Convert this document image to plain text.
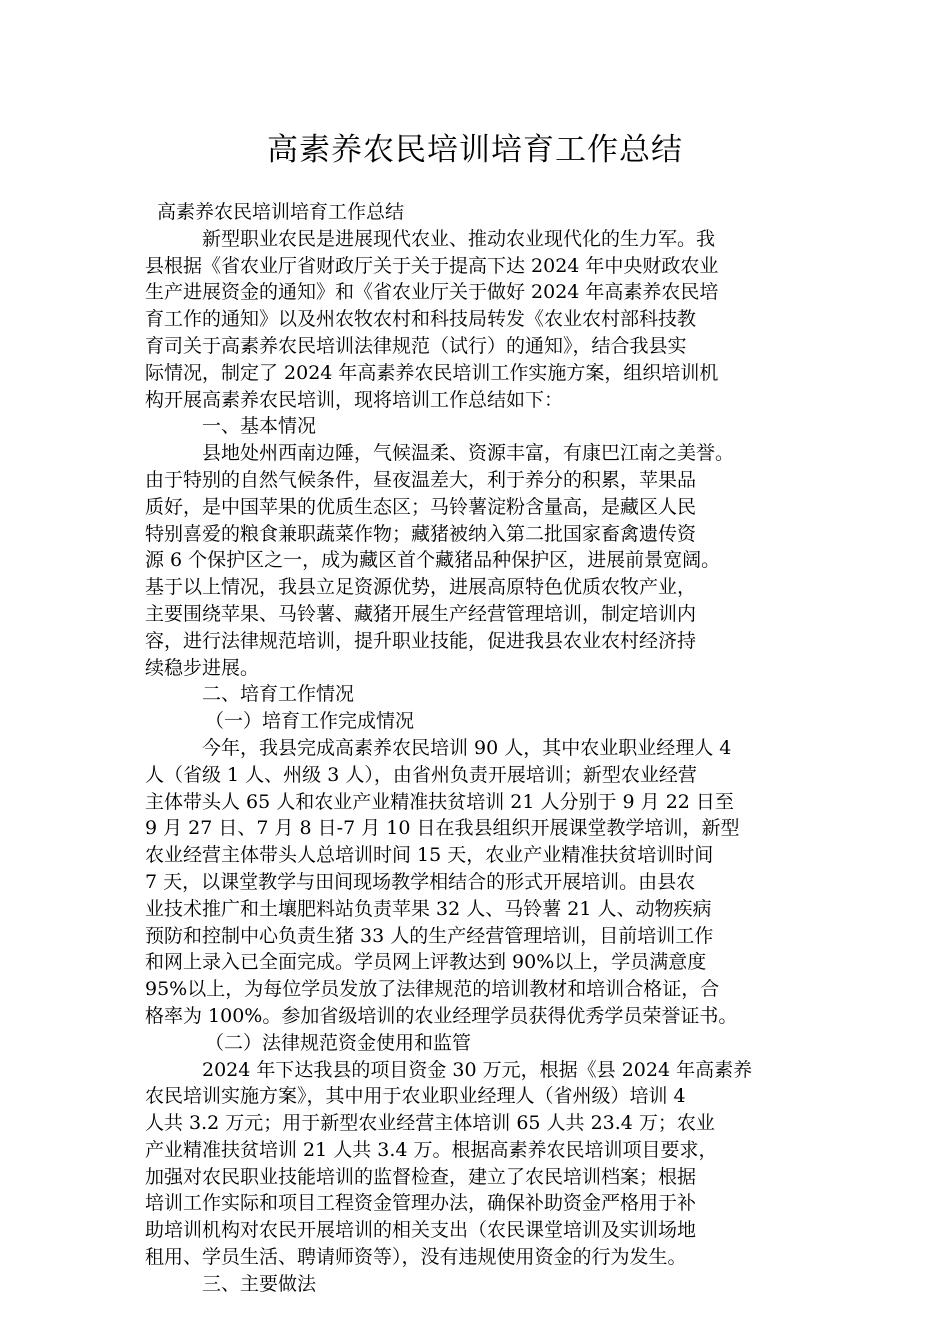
高素养农民培训培育工作总结
高素养农民培训培育工作总结
新型职业农民是进展现代农业、推动农业现代化的生力军。我
县根据《省农业厅省财政厅关于关于提高下达 2024 年中央财政农业
生产进展资金的通知》和《省农业厅关于做好 2024 年高素养农民培
育工作的通知》以及州农牧农村和科技局转发《农业农村部科技教
育司关于高素养农民培训法律规范（试行）的通知》，结合我县实
际情况，制定了 2024 年高素养农民培训工作实施方案，组织培训机
构开展高素养农民培训，现将培训工作总结如下：
一、基本情况
县地处州西南边陲，气候温柔、资源丰富，有康巴江南之美誉。
由于特别的自然气候条件，昼夜温差大，利于养分的积累，苹果品
质好，是中国苹果的优质生态区；马铃薯淀粉含量高，是藏区人民
特别喜爱的粮食兼职蔬菜作物；藏猪被纳入第二批国家畜禽遗传资
源 6 个保护区之一，成为藏区首个藏猪品种保护区，进展前景宽阔。
基于以上情况，我县立足资源优势，进展高原特色优质农牧产业，
主要围绕苹果、马铃薯、藏猪开展生产经营管理培训，制定培训内
容，进行法律规范培训，提升职业技能，促进我县农业农村经济持
续稳步进展。
二、培育工作情况
（一）培育工作完成情况
今年，我县完成高素养农民培训 90 人，其中农业职业经理人 4
人（省级 1 人、州级 3 人），由省州负责开展培训；新型农业经营
主体带头人 65 人和农业产业精准扶贫培训 21 人分别于 9 月 22 日至
9 月 27 日、7 月 8 日-7 月 10 日在我县组织开展课堂教学培训，新型
农业经营主体带头人总培训时间 15 天，农业产业精准扶贫培训时间
7 天，以课堂教学与田间现场教学相结合的形式开展培训。由县农
业技术推广和土壤肥料站负责苹果 32 人、马铃薯 21 人、动物疾病
预防和控制中心负责生猪 33 人的生产经营管理培训，目前培训工作
和网上录入已全面完成。学员网上评教达到 90%以上，学员满意度
95%以上，为每位学员发放了法律规范的培训教材和培训合格证，合
格率为 100%。参加省级培训的农业经理学员获得优秀学员荣誉证书。
（二）法律规范资金使用和监管
2024 年下达我县的项目资金 30 万元，根据《县 2024 年高素养
农民培训实施方案》，其中用于农业职业经理人（省州级）培训 4
人共 3.2 万元；用于新型农业经营主体培训 65 人共 23.4 万；农业
产业精准扶贫培训 21 人共 3.4 万。根据高素养农民培训项目要求，
加强对农民职业技能培训的监督检查，建立了农民培训档案；根据
培训工作实际和项目工程资金管理办法，确保补助资金严格用于补
助培训机构对农民开展培训的相关支出（农民课堂培训及实训场地
租用、学员生活、聘请师资等），没有违规使用资金的行为发生。
三、主要做法
